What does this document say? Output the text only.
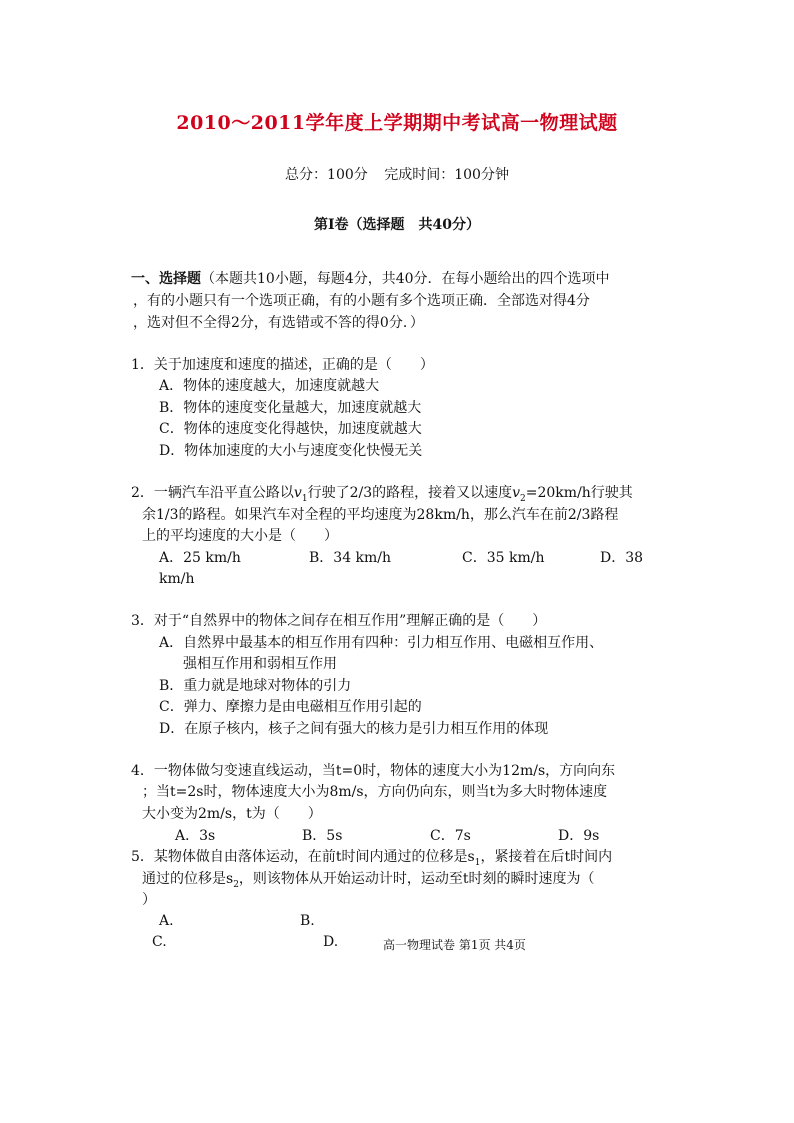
2010～2011学年度上学期期中考试高一物理试题
总分：100分 完成时间：100分钟
第Ⅰ卷（选择题　共40分）
一、选择题（本题共10小题，每题4分，共40分．在每小题给出的四个选项中
，有的小题只有一个选项正确，有的小题有多个选项正确．全部选对得4分
，选对但不全得2分，有选错或不答的得0分．）
1．关于加速度和速度的描述，正确的是（　　）
A．物体的速度越大，加速度就越大
B．物体的速度变化量越大，加速度就越大
C．物体的速度变化得越快，加速度就越大
D．物体加速度的大小与速度变化快慢无关
2．一辆汽车沿平直公路以$v_1$行驶了2/3的路程，接着又以速度$v_2=20km/h$行驶其
余1/3的路程。如果汽车对全程的平均速度为28km/h，那么汽车在前2/3路程
上的平均速度的大小是（　　）
A．25 km/h	B．34 km/h	C．35 km/h	D．38
km/h
3．对于“自然界中的物体之间存在相互作用”理解正确的是（　　）
A．自然界中最基本的相互作用有四种：引力相互作用、电磁相互作用、
强相互作用和弱相互作用
B．重力就是地球对物体的引力
C．弹力、摩擦力是由电磁相互作用引起的
D．在原子核内，核子之间有强大的核力是引力相互作用的体现
4．一物体做匀变速直线运动，当t=0时，物体的速度大小为12m/s，方向向东
；当t=2s时，物体速度大小为8m/s，方向仍向东，则当t为多大时物体速度
大小变为2m/s，t为（　　）
A．3s	B．5s	C．7s	D．9s
5．某物体做自由落体运动，在前t时间内通过的位移是$s_1$，紧接着在后t时间内
通过的位移是$s_2$，则该物体从开始运动计时，运动至t时刻的瞬时速度为（
）
A.	B.
C.	D.	高一物理试卷 第1页 共4页
